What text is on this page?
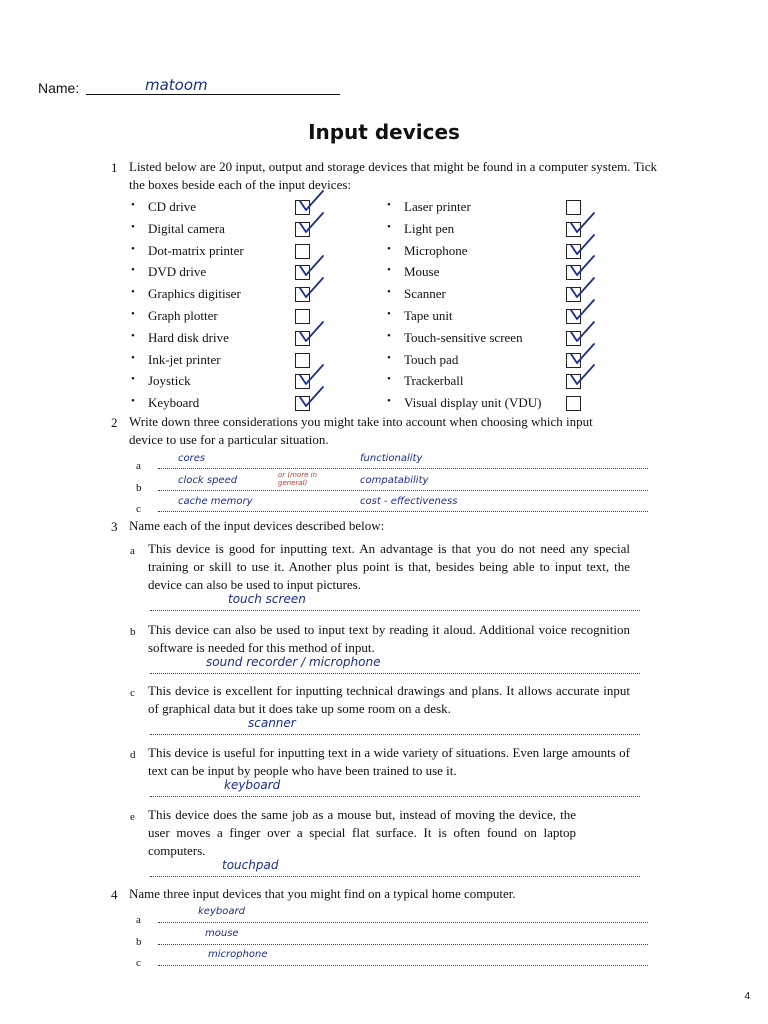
Name:	matoom
Input devices
1 Listed below are 20 input, output and storage devices that might be found in a computer system. Tick the boxes beside each of the input devices:
• CD drive
• Digital camera
• Dot-matrix printer
• DVD drive
• Graphics digitiser
• Graph plotter
• Hard disk drive
• Ink-jet printer
• Joystick
• Keyboard
• Laser printer
• Light pen
• Microphone
• Mouse
• Scanner
• Tape unit
• Touch-sensitive screen
• Touch pad
• Trackerball
• Visual display unit (VDU)
2 Write down three considerations you might take into account when choosing which input device to use for a particular situation.
a
cores	functionality
b
clock speed	compatability
or (more in general)
c
cache memory	cost - effectiveness
3 Name each of the input devices described below:
a This device is good for inputting text. An advantage is that you do not need any special training or skill to use it. Another plus point is that, besides being able to input text, the device can also be used to input pictures.
touch screen
b This device can also be used to input text by reading it aloud. Additional voice recognition software is needed for this method of input.
sound recorder / microphone
c This device is excellent for inputting technical drawings and plans. It allows accurate input of graphical data but it does take up some room on a desk.
scanner
d This device is useful for inputting text in a wide variety of situations. Even large amounts of text can be input by people who have been trained to use it.
keyboard
e This device does the same job as a mouse but, instead of moving the device, the user moves a finger over a special flat surface. It is often found on laptop computers.
touchpad
4 Name three input devices that you might find on a typical home computer.
a
keyboard
b
mouse
c
microphone
4
